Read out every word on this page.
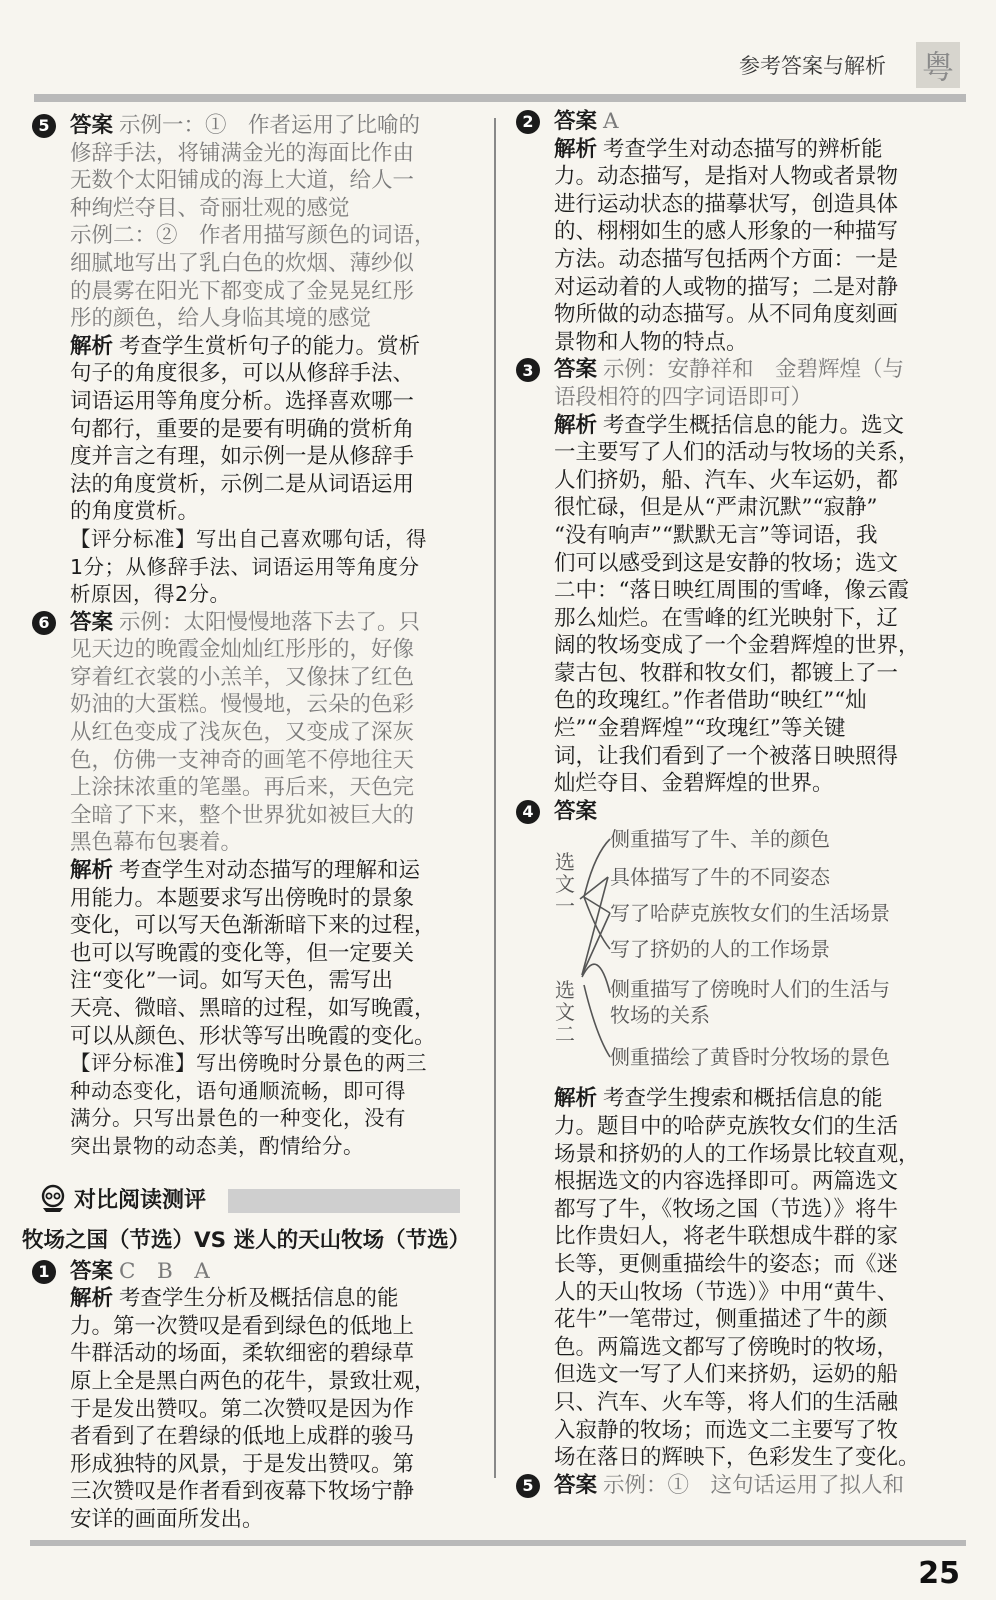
参考答案与解析 粤
5 答案 示例一：①　作者运用了比喻的
修辞手法，将铺满金光的海面比作由
无数个太阳铺成的海上大道，给人一
种绚烂夺目、奇丽壮观的感觉
示例二：②　作者用描写颜色的词语，
细腻地写出了乳白色的炊烟、薄纱似
的晨雾在阳光下都变成了金晃晃红彤
彤的颜色，给人身临其境的感觉
解析 考查学生赏析句子的能力。赏析
句子的角度很多，可以从修辞手法、
词语运用等角度分析。选择喜欢哪一
句都行，重要的是要有明确的赏析角
度并言之有理，如示例一是从修辞手
法的角度赏析，示例二是从词语运用
的角度赏析。
【评分标准】写出自己喜欢哪句话，得
1分；从修辞手法、词语运用等角度分
析原因，得2分。
6 答案 示例：太阳慢慢地落下去了。只
见天边的晚霞金灿灿红彤彤的，好像
穿着红衣裳的小羔羊，又像抹了红色
奶油的大蛋糕。慢慢地，云朵的色彩
从红色变成了浅灰色，又变成了深灰
色，仿佛一支神奇的画笔不停地往天
上涂抹浓重的笔墨。再后来，天色完
全暗了下来，整个世界犹如被巨大的
黑色幕布包裹着。
解析 考查学生对动态描写的理解和运
用能力。本题要求写出傍晚时的景象
变化，可以写天色渐渐暗下来的过程，
也可以写晚霞的变化等，但一定要关
注“变化”一词。如写天色，需写出
天亮、微暗、黑暗的过程，如写晚霞，
可以从颜色、形状等写出晚霞的变化。
【评分标准】写出傍晚时分景色的两三
种动态变化，语句通顺流畅，即可得
满分。只写出景色的一种变化，没有
突出景物的动态美，酌情给分。
对比阅读测评
牧场之国（节选）VS 迷人的天山牧场（节选）
1 答案 C　B　A
解析 考查学生分析及概括信息的能
力。第一次赞叹是看到绿色的低地上
牛群活动的场面，柔软细密的碧绿草
原上全是黑白两色的花牛，景致壮观，
于是发出赞叹。第二次赞叹是因为作
者看到了在碧绿的低地上成群的骏马
形成独特的风景，于是发出赞叹。第
三次赞叹是作者看到夜幕下牧场宁静
安详的画面所发出。
2 答案 A
解析 考查学生对动态描写的辨析能
力。动态描写，是指对人物或者景物
进行运动状态的描摹状写，创造具体
的、栩栩如生的感人形象的一种描写
方法。动态描写包括两个方面：一是
对运动着的人或物的描写；二是对静
物所做的动态描写。从不同角度刻画
景物和人物的特点。
3 答案 示例：安静祥和　金碧辉煌（与
语段相符的四字词语即可）
解析 考查学生概括信息的能力。选文
一主要写了人们的活动与牧场的关系，
人们挤奶，船、汽车、火车运奶，都
很忙碌，但是从“严肃沉默”“寂静”
“没有响声”“默默无言”等词语，我
们可以感受到这是安静的牧场；选文
二中：“落日映红周围的雪峰，像云霞
那么灿烂。在雪峰的红光映射下，辽
阔的牧场变成了一个金碧辉煌的世界，
蒙古包、牧群和牧女们，都镀上了一
色的玫瑰红。”作者借助“映红”“灿
烂”“金碧辉煌”“玫瑰红”等关键
词，让我们看到了一个被落日映照得
灿烂夺目、金碧辉煌的世界。
4 答案
选文一
选文二
侧重描写了牛、羊的颜色
具体描写了牛的不同姿态
写了哈萨克族牧女们的生活场景
写了挤奶的人的工作场景
侧重描写了傍晚时人们的生活与
牧场的关系
侧重描绘了黄昏时分牧场的景色
解析 考查学生搜索和概括信息的能
力。题目中的哈萨克族牧女们的生活
场景和挤奶的人的工作场景比较直观，
根据选文的内容选择即可。两篇选文
都写了牛，《牧场之国（节选）》将牛
比作贵妇人，将老牛联想成牛群的家
长等，更侧重描绘牛的姿态；而《迷
人的天山牧场（节选）》中用“黄牛、
花牛”一笔带过，侧重描述了牛的颜
色。两篇选文都写了傍晚时的牧场，
但选文一写了人们来挤奶，运奶的船
只、汽车、火车等，将人们的生活融
入寂静的牧场；而选文二主要写了牧
场在落日的辉映下，色彩发生了变化。
5 答案 示例：①　这句话运用了拟人和
25
